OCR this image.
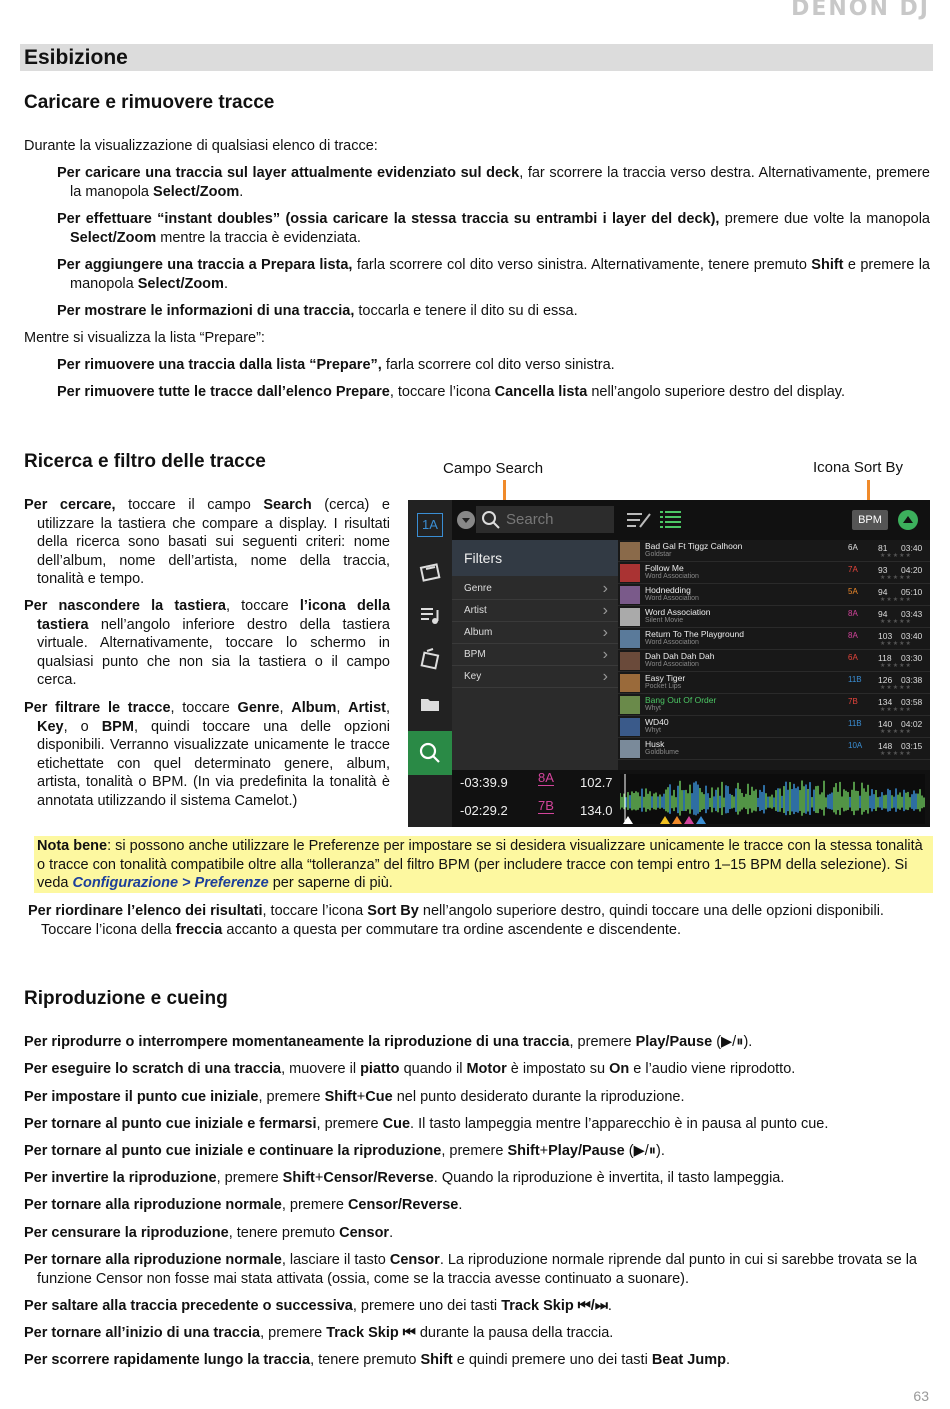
DENON DJ
Esibizione
Caricare e rimuovere tracce

Durante la visualizzazione di qualsiasi elenco di tracce:

Per caricare una traccia sul layer attualmente evidenziato sul deck, far scorrere la traccia verso destra. Alternativamente, premere la manopola Select/Zoom.

Per effettuare “instant doubles” (ossia caricare la stessa traccia su entrambi i layer del deck), premere due volte la manopola Select/Zoom mentre la traccia è evidenziata.

Per aggiungere una traccia a Prepara lista, farla scorrere col dito verso sinistra. Alternativamente, tenere premuto Shift e premere la manopola Select/Zoom.

Per mostrare le informazioni di una traccia, toccarla e tenere il dito su di essa.

Mentre si visualizza la lista “Prepare”:

Per rimuovere una traccia dalla lista “Prepare”, farla scorrere col dito verso sinistra.

Per rimuovere tutte le tracce dall’elenco Prepare, toccare l’icona Cancella lista nell’angolo superiore destro del display.

Ricerca e filtro delle tracce	Campo Search	Icona Sort By

Per cercare, toccare il campo Search (cerca) e utilizzare la tastiera che compare a display. I risultati della ricerca sono basati sui seguenti criteri: nome dell’album, nome dell’artista, nome della traccia, tonalità e tempo.

Per nascondere la tastiera, toccare l’icona della tastiera nell’angolo inferiore destro della tastiera virtuale. Alternativamente, toccare lo schermo in qualsiasi punto che non sia la tastiera o il campo cerca.

Per filtrare le tracce, toccare Genre, Album, Artist, Key, o BPM, quindi toccare una delle opzioni disponibili. Verranno visualizzate unicamente le tracce etichettate con quel determinato genere, album, artista, tonalità o BPM. (In via predefinita la tonalità è annotata utilizzando il sistema Camelot.)

1A	Search	BPM
Filters
Genre ›
Artist ›
Album ›
BPM ›
Key ›
Bad Gal Ft Tiggz Calhoon
Goldstar
6A 81 03:40
★★★★★
Follow Me
Word Association
7A 93 04:20
★★★★★
Hodnedding
Word Association
5A 94 05:10
★★★★★
Word Association
Silent Movie
8A 94 03:43
★★★★★
Return To The Playground
Word Association
8A 103 03:40
★★★★★
Dah Dah Dah Dah
Word Association
6A 118 03:30
★★★★★
Easy Tiger
Pocket Lips
11B 126 03:38
★★★★★
Bang Out Of Order
Whyt
7B 134 03:58
★★★★★
WD40
Whyt
11B 140 04:02
★★★★★
Husk
Goldblume
10A 148 03:15
★★★★★
-03:39.9 8A 102.7
-02:29.2 7B 134.0

Nota bene: si possono anche utilizzare le Preferenze per impostare se si desidera visualizzare unicamente le tracce con la stessa tonalità o tracce con tonalità compatibile oltre alla “tolleranza” del filtro BPM (per includere tracce con tempi entro 1–15 BPM della selezione). Si veda Configurazione > Preferenze per saperne di più.

Per riordinare l’elenco dei risultati, toccare l’icona Sort By nell’angolo superiore destro, quindi toccare una delle opzioni disponibili. Toccare l’icona della freccia accanto a questa per commutare tra ordine ascendente e discendente.

Riproduzione e cueing

Per riprodurre o interrompere momentaneamente la riproduzione di una traccia, premere Play/Pause (▶/⏸).

Per eseguire lo scratch di una traccia, muovere il piatto quando il Motor è impostato su On e l’audio viene riprodotto.

Per impostare il punto cue iniziale, premere Shift+Cue nel punto desiderato durante la riproduzione.

Per tornare al punto cue iniziale e fermarsi, premere Cue. Il tasto lampeggia mentre l’apparecchio è in pausa al punto cue.

Per tornare al punto cue iniziale e continuare la riproduzione, premere Shift+Play/Pause (▶/⏸).

Per invertire la riproduzione, premere Shift+Censor/Reverse. Quando la riproduzione è invertita, il tasto lampeggia.

Per tornare alla riproduzione normale, premere Censor/Reverse.

Per censurare la riproduzione, tenere premuto Censor.

Per tornare alla riproduzione normale, lasciare il tasto Censor. La riproduzione normale riprende dal punto in cui si sarebbe trovata se la funzione Censor non fosse mai stata attivata (ossia, come se la traccia avesse continuato a suonare).

Per saltare alla traccia precedente o successiva, premere uno dei tasti Track Skip ⏮/⏭.

Per tornare all’inizio di una traccia, premere Track Skip ⏮ durante la pausa della traccia.

Per scorrere rapidamente lungo la traccia, tenere premuto Shift e quindi premere uno dei tasti Beat Jump.

63
